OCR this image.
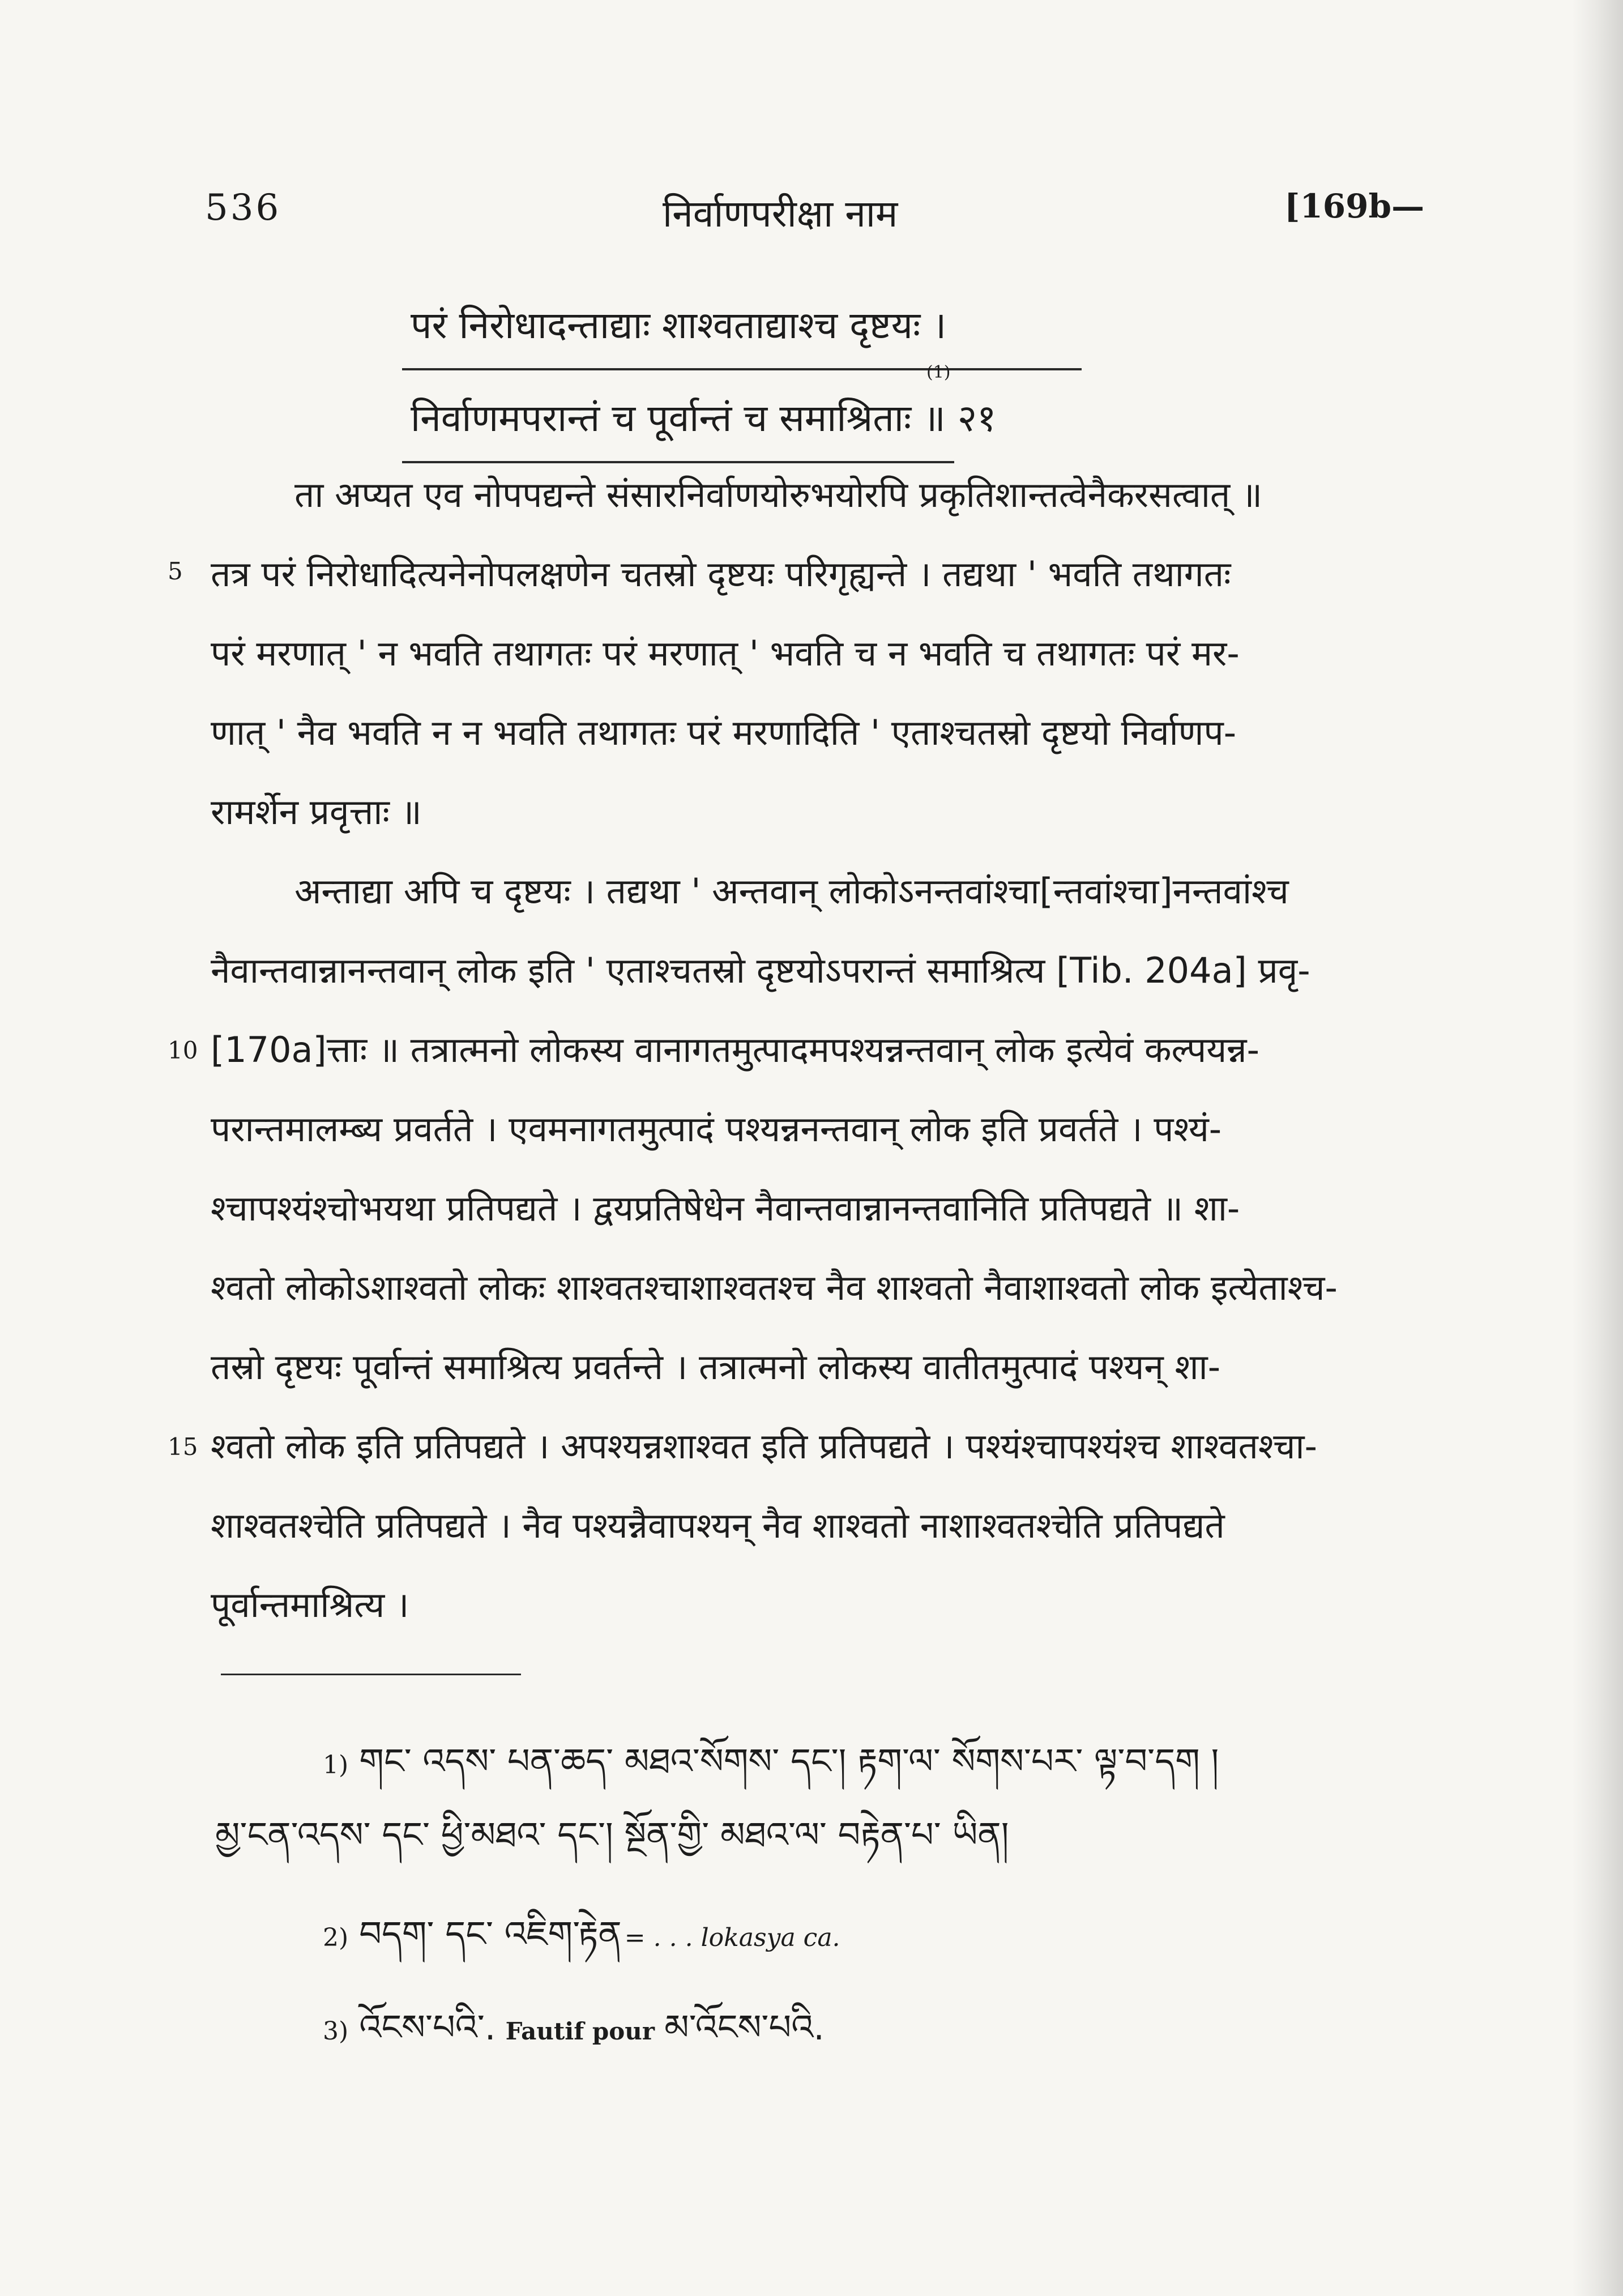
536	निर्वाणपरीक्षा नाम	[169b—
परं निरोधादन्ताद्याः शाश्वताद्याश्च दृष्टयः ।
निर्वाणमपरान्तं च पूर्वान्तं च समाश्रिताः ॥ २१
(1)
ता अप्यत एव नोपपद्यन्ते संसारनिर्वाणयोरुभयोरपि प्रकृतिशान्तत्वेनैकरसत्वात् ॥
तत्र परं निरोधादित्यनेनोपलक्षणेन चतस्रो दृष्टयः परिगृह्यन्ते । तद्यथा ' भवति तथागतः
5
परं मरणात् ' न भवति तथागतः परं मरणात् ' भवति च न भवति च तथागतः परं मर-
णात् ' नैव भवति न न भवति तथागतः परं मरणादिति ' एताश्चतस्रो दृष्टयो निर्वाणप-
रामर्शेन प्रवृत्ताः ॥
अन्ताद्या अपि च दृष्टयः । तद्यथा ' अन्तवान् लोकोऽनन्तवांश्चा[न्तवांश्चा]नन्तवांश्च
नैवान्तवान्नानन्तवान् लोक इति ' एताश्चतस्रो दृष्टयोऽपरान्तं समाश्रित्य [Tib. 204a] प्रवृ-
10 [170a]त्ताः ॥ तत्रात्मनो लोकस्य वानागतमुत्पादमपश्यन्नन्तवान् लोक इत्येवं कल्पयन्न-
परान्तमालम्ब्य प्रवर्तते । एवमनागतमुत्पादं पश्यन्ननन्तवान् लोक इति प्रवर्तते । पश्यं-
श्चापश्यंश्चोभयथा प्रतिपद्यते । द्वयप्रतिषेधेन नैवान्तवान्नानन्तवानिति प्रतिपद्यते ॥ शा-
श्वतो लोकोऽशाश्वतो लोकः शाश्वतश्चाशाश्वतश्च नैव शाश्वतो नैवाशाश्वतो लोक इत्येताश्च-
तस्रो दृष्टयः पूर्वान्तं समाश्रित्य प्रवर्तन्ते । तत्रात्मनो लोकस्य वातीतमुत्पादं पश्यन् शा-
15 श्वतो लोक इति प्रतिपद्यते । अपश्यन्नशाश्वत इति प्रतिपद्यते । पश्यंश्चापश्यंश्च शाश्वतश्चा-
शाश्वतश्चेति प्रतिपद्यते । नैव पश्यन्नैवापश्यन् नैव शाश्वतो नाशाश्वतश्चेति प्रतिपद्यते
पूर्वान्तमाश्रित्य ।
1) གང་ འདས་ པན་ཆད་ མཐའ་སོགས་ དང་། རྟག་ལ་ སོགས་པར་ ལྟ་བ་དག །
མྱ་ངན་འདས་ དང་ ཕྱི་མཐའ་ དང་། སྔོན་གྱི་ མཐའ་ལ་ བརྟེན་པ་ ཡིན།
2) བདག་ དང་ འཇིག་རྟེན = . . . lokasya ca.
3) འོངས་པའི་. Fautif pour མ་འོངས་པའི.
